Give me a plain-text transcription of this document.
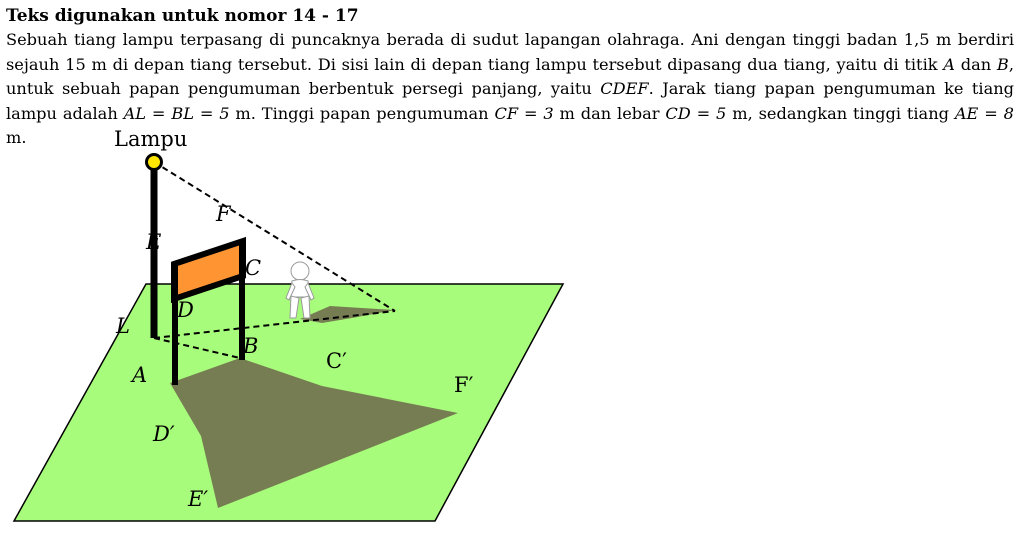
Teks digunakan untuk nomor 14 - 17

Sebuah tiang lampu terpasang di puncaknya berada di sudut lapangan olahraga. Ani dengan tinggi badan 1,5 m berdiri sejauh 15 m di depan tiang tersebut. Di sisi lain di depan tiang lampu tersebut dipasang dua tiang, yaitu di titik A dan B, untuk sebuah papan pengumuman berbentuk persegi panjang, yaitu CDEF. Jarak tiang papan pengumuman ke tiang lampu adalah AL = BL = 5 m. Tinggi papan pengumuman CF = 3 m dan lebar CD = 5 m, sedangkan tinggi tiang AE = 8 m.	Lampu
F
E
C
D
L
B
A
C′
F′
D′
E′
